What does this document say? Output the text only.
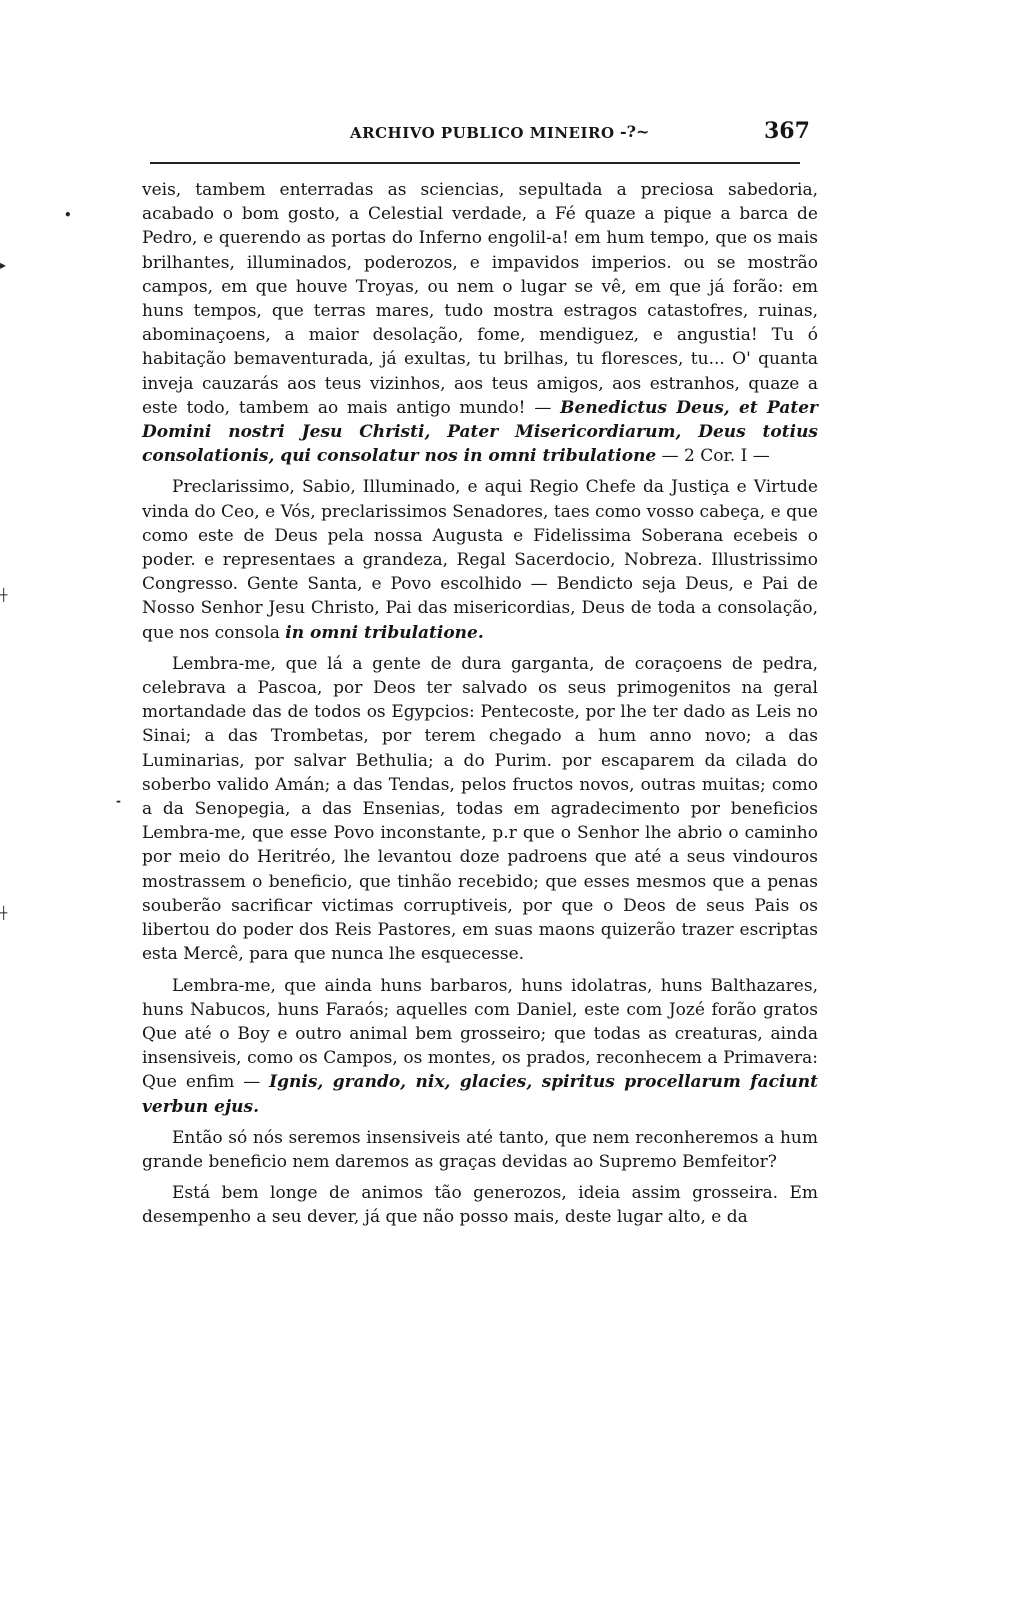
ARCHIVO PUBLICO MINEIRO -?~	367
•
▸
┼
-
┼

veis, tambem enterradas as sciencias, sepultada a preciosa sabedoria, acabado o bom gosto, a Celestial verdade, a Fé quaze a pique a barca de Pedro, e querendo as portas do Inferno engolil-a! em hum tempo, que os mais brilhantes, illuminados, poderozos, e impavidos imperios. ou se mostrão campos, em que houve Troyas, ou nem o lugar se vê, em que já forão: em huns tempos, que terras mares, tudo mostra estragos catastofres, ruinas, abominaçoens, a maior desolação, fome, mendiguez, e angustia! Tu ó habitação bemaventurada, já exultas, tu brilhas, tu floresces, tu... O' quanta inveja cauzarás aos teus vizinhos, aos teus amigos, aos estranhos, quaze a este todo, tambem ao mais antigo mundo! — Benedictus Deus, et Pater Domini nostri Jesu Christi, Pater Misericordiarum, Deus totius consolationis, qui consolatur nos in omni tribulatione — 2 Cor. I —

Preclarissimo, Sabio, Illuminado, e aqui Regio Chefe da Justiça e Virtude vinda do Ceo, e Vós, preclarissimos Senadores, taes como vosso cabeça, e que como este de Deus pela nossa Augusta e Fidelissima Soberana ecebeis o poder. e representaes a grandeza, Regal Sacerdocio, Nobreza. Illustrissimo Congresso. Gente Santa, e Povo escolhido — Bendicto seja Deus, e Pai de Nosso Senhor Jesu Christo, Pai das misericordias, Deus de toda a consolação, que nos consola in omni tribulatione.

Lembra-me, que lá a gente de dura garganta, de coraçoens de pedra, celebrava a Pascoa, por Deos ter salvado os seus primogenitos na geral mortandade das de todos os Egypcios: Pentecoste, por lhe ter dado as Leis no Sinai; a das Trombetas, por terem chegado a hum anno novo; a das Luminarias, por salvar Bethulia; a do Purim. por escaparem da cilada do soberbo valido Amán; a das Tendas, pelos fructos novos, outras muitas; como a da Senopegia, a das Ensenias, todas em agradecimento por beneficios Lembra-me, que esse Povo inconstante, p.r que o Senhor lhe abrio o caminho por meio do Heritréo, lhe levantou doze padroens que até a seus vindouros mostrassem o beneficio, que tinhão recebido; que esses mesmos que a penas souberão sacrificar victimas corruptiveis, por que o Deos de seus Pais os libertou do poder dos Reis Pastores, em suas maons quizerão trazer escriptas esta Mercê, para que nunca lhe esquecesse.

Lembra-me, que ainda huns barbaros, huns idolatras, huns Balthazares, huns Nabucos, huns Faraós; aquelles com Daniel, este com Jozé forão gratos Que até o Boy e outro animal bem grosseiro; que todas as creaturas, ainda insensiveis, como os Campos, os montes, os prados, reconhecem a Primavera: Que enfim — Ignis, grando, nix, glacies, spiritus procellarum faciunt verbun ejus.

Então só nós seremos insensiveis até tanto, que nem reconheremos a hum grande beneficio nem daremos as graças devidas ao Supremo Bemfeitor?

Está bem longe de animos tão generozos, ideia assim grosseira. Em desempenho a seu dever, já que não posso mais, deste lugar alto, e da
